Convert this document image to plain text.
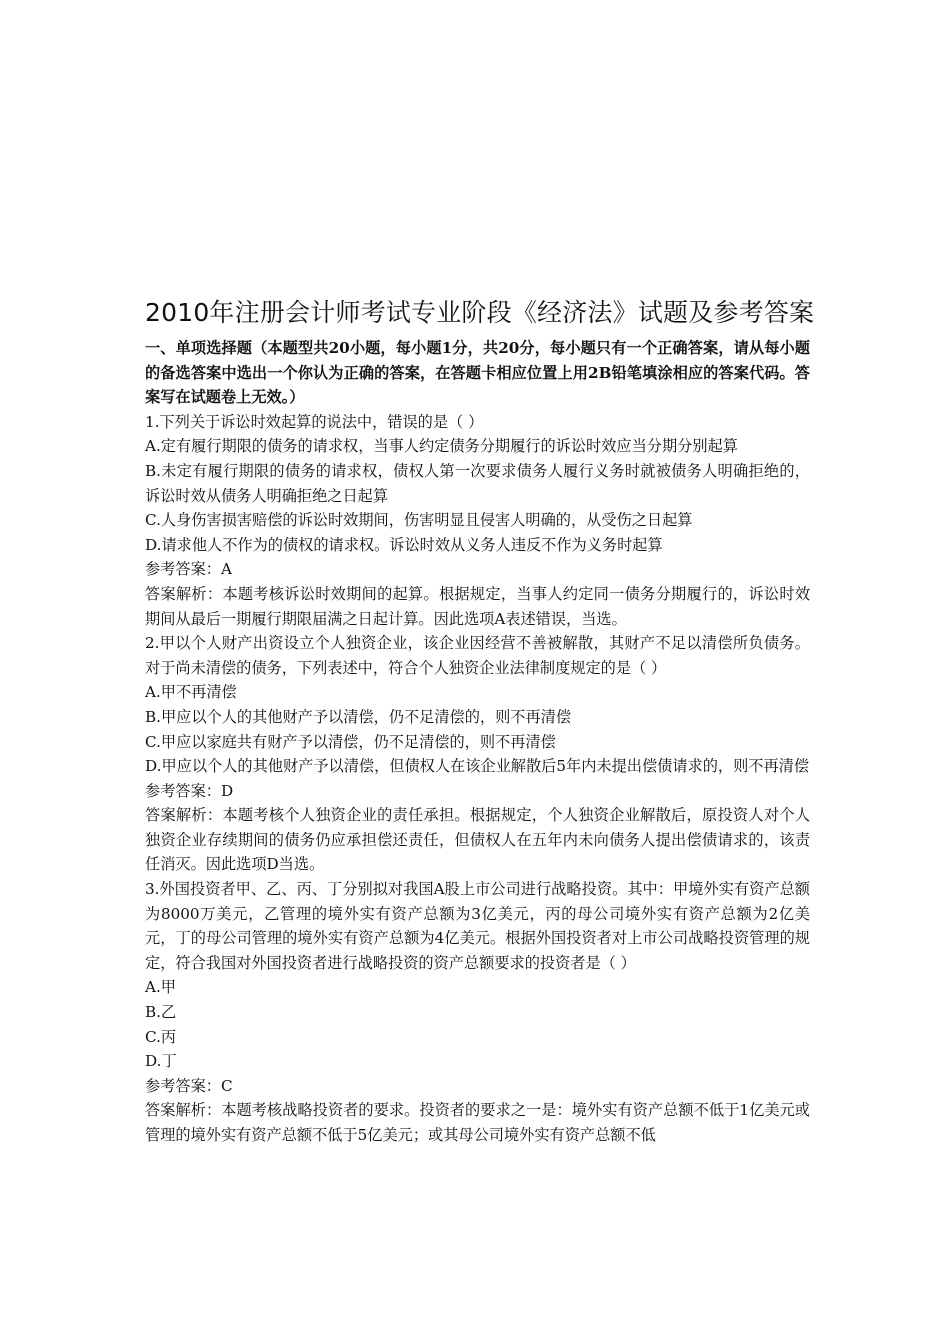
2010年注册会计师考试专业阶段《经济法》试题及参考答案

一、单项选择题（本题型共20小题，每小题1分，共20分，每小题只有一个正确答案，请从每小题的备选答案中选出一个你认为正确的答案，在答题卡相应位置上用2B铅笔填涂相应的答案代码。答案写在试题卷上无效。）

1.下列关于诉讼时效起算的说法中，错误的是（ ）

A.定有履行期限的债务的请求权，当事人约定债务分期履行的诉讼时效应当分期分别起算

B.未定有履行期限的债务的请求权，债权人第一次要求债务人履行义务时就被债务人明确拒绝的，诉讼时效从债务人明确拒绝之日起算

C.人身伤害损害赔偿的诉讼时效期间，伤害明显且侵害人明确的，从受伤之日起算

D.请求他人不作为的债权的请求权。诉讼时效从义务人违反不作为义务时起算

参考答案：A

答案解析：本题考核诉讼时效期间的起算。根据规定，当事人约定同一债务分期履行的，诉讼时效期间从最后一期履行期限届满之日起计算。因此选项A表述错误，当选。

2.甲以个人财产出资设立个人独资企业，该企业因经营不善被解散，其财产不足以清偿所负债务。对于尚未清偿的债务，下列表述中，符合个人独资企业法律制度规定的是（ ）

A.甲不再清偿

B.甲应以个人的其他财产予以清偿，仍不足清偿的，则不再清偿

C.甲应以家庭共有财产予以清偿，仍不足清偿的，则不再清偿

D.甲应以个人的其他财产予以清偿，但债权人在该企业解散后5年内未提出偿债请求的，则不再清偿

参考答案：D

答案解析：本题考核个人独资企业的责任承担。根据规定，个人独资企业解散后，原投资人对个人独资企业存续期间的债务仍应承担偿还责任，但债权人在五年内未向债务人提出偿债请求的，该责任消灭。因此选项D当选。

3.外国投资者甲、乙、丙、丁分别拟对我国A股上市公司进行战略投资。其中：甲境外实有资产总额为8000万美元，乙管理的境外实有资产总额为3亿美元，丙的母公司境外实有资产总额为2亿美 元，丁的母公司管理的境外实有资产总额为4亿美元。根据外国投资者对上市公司战略投资管理的规定，符合我国对外国投资者进行战略投资的资产总额要求的投资者是（ ）

A.甲

B.乙

C.丙

D.丁

参考答案：C

答案解析：本题考核战略投资者的要求。投资者的要求之一是：境外实有资产总额不低于1亿美元或管理的境外实有资产总额不低于5亿美元；或其母公司境外实有资产总额不低
